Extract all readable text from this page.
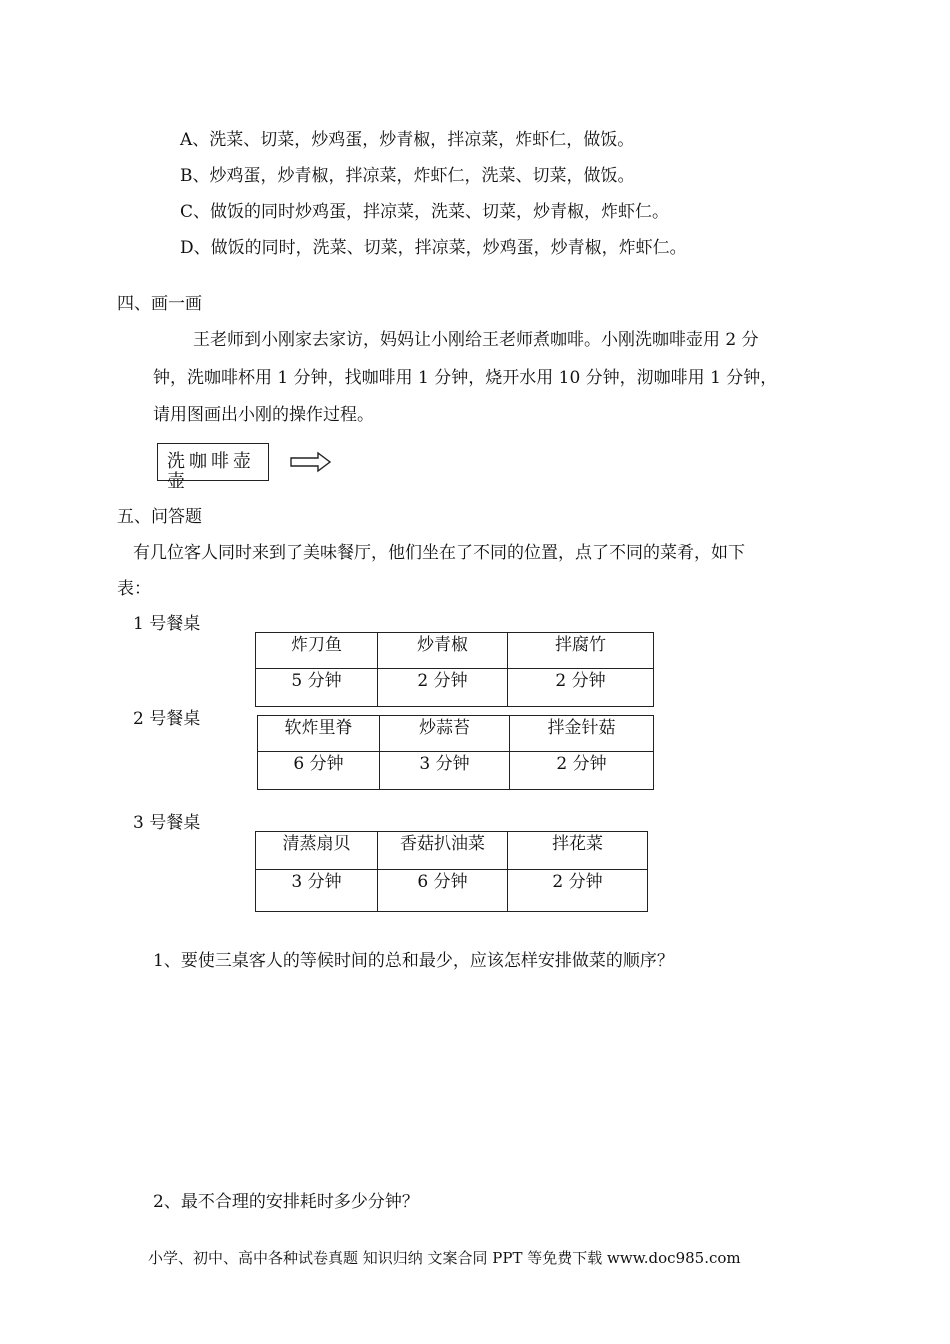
A、洗菜、切菜，炒鸡蛋，炒青椒，拌凉菜，炸虾仁，做饭。
B、炒鸡蛋，炒青椒，拌凉菜，炸虾仁，洗菜、切菜，做饭。
C、做饭的同时炒鸡蛋，拌凉菜，洗菜、切菜，炒青椒，炸虾仁。
D、做饭的同时，洗菜、切菜，拌凉菜，炒鸡蛋，炒青椒，炸虾仁。
四、画一画
王老师到小刚家去家访，妈妈让小刚给王老师煮咖啡。小刚洗咖啡壶用 2 分
钟，洗咖啡杯用 1 分钟，找咖啡用 1 分钟，烧开水用 10 分钟，沏咖啡用 1 分钟，
请用图画出小刚的操作过程。
洗咖啡壶壶
五、问答题
有几位客人同时来到了美味餐厅，他们坐在了不同的位置，点了不同的菜肴，如下
表：
1 号餐桌
炸刀鱼	炒青椒	拌腐竹

5 分钟	2 分钟	2 分钟
2 号餐桌	软炸里脊	炒蒜苔	拌金针菇

6 分钟	3 分钟	2 分钟
3 号餐桌
清蒸扇贝	香菇扒油菜	拌花菜

3 分钟	6 分钟	2 分钟
1、要使三桌客人的等候时间的总和最少，应该怎样安排做菜的顺序？
2、最不合理的安排耗时多少分钟？
小学、初中、高中各种试卷真题 知识归纳 文案合同 PPT 等免费下载 www.doc985.com
